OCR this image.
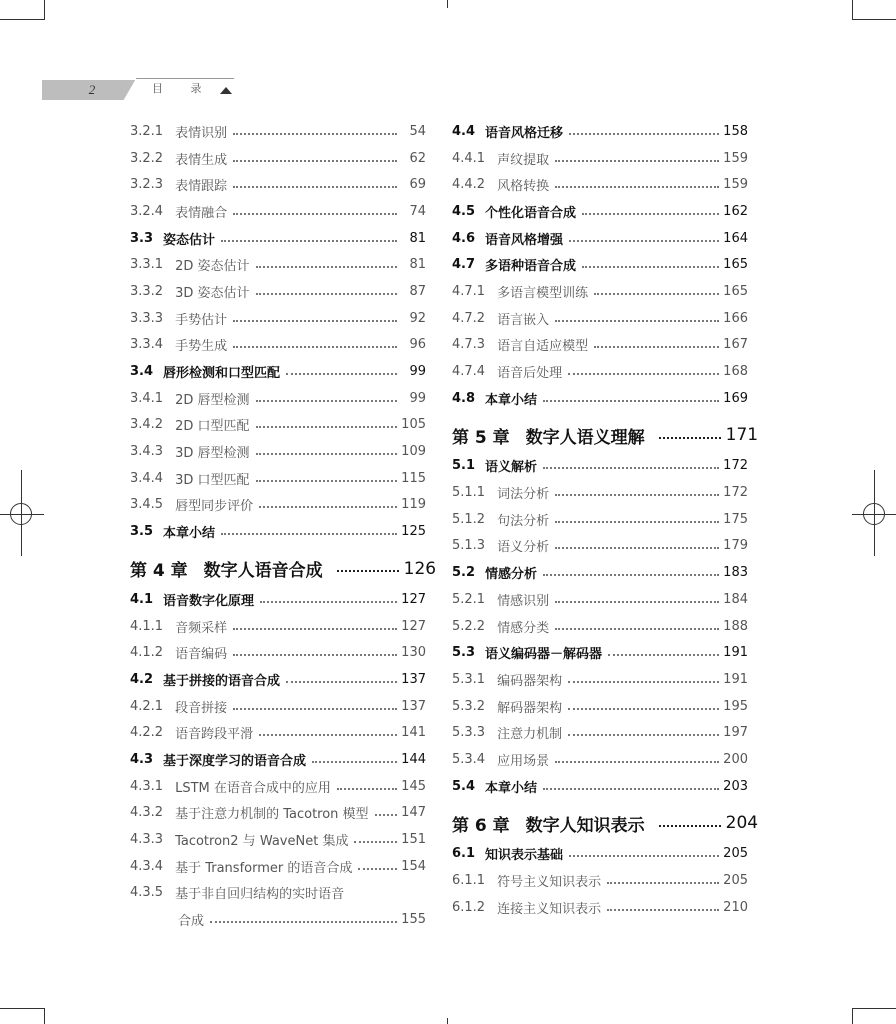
2	目 录
3.2.1 表情识别	54
3.2.2 表情生成	62
3.2.3 表情跟踪	69
3.2.4 表情融合	74
3.3 姿态估计	81
3.3.1 2D 姿态估计	81
3.3.2 3D 姿态估计	87
3.3.3 手势估计	92
3.3.4 手势生成	96
3.4 唇形检测和口型匹配	99
3.4.1 2D 唇型检测	99
3.4.2 2D 口型匹配	105
3.4.3 3D 唇型检测	109
3.4.4 3D 口型匹配	115
3.4.5 唇型同步评价	119
3.5 本章小结	125
第 4 章 数字人语音合成	126
4.1 语音数字化原理	127
4.1.1 音频采样	127
4.1.2 语音编码	130
4.2 基于拼接的语音合成	137
4.2.1 段音拼接	137
4.2.2 语音跨段平滑	141
4.3 基于深度学习的语音合成	144
4.3.1 LSTM 在语音合成中的应用	145
4.3.2 基于注意力机制的 Tacotron 模型	147
4.3.3 Tacotron2 与 WaveNet 集成	151
4.3.4 基于 Transformer 的语音合成	154
4.3.5 基于非自回归结构的实时语音
合成	155
4.4 语音风格迁移	158
4.4.1 声纹提取	159
4.4.2 风格转换	159
4.5 个性化语音合成	162
4.6 语音风格增强	164
4.7 多语种语音合成	165
4.7.1 多语言模型训练	165
4.7.2 语言嵌入	166
4.7.3 语言自适应模型	167
4.7.4 语音后处理	168
4.8 本章小结	169
第 5 章 数字人语义理解	171
5.1 语义解析	172
5.1.1 词法分析	172
5.1.2 句法分析	175
5.1.3 语义分析	179
5.2 情感分析	183
5.2.1 情感识别	184
5.2.2 情感分类	188
5.3 语义编码器－解码器	191
5.3.1 编码器架构	191
5.3.2 解码器架构	195
5.3.3 注意力机制	197
5.3.4 应用场景	200
5.4 本章小结	203
第 6 章 数字人知识表示	204
6.1 知识表示基础	205
6.1.1 符号主义知识表示	205
6.1.2 连接主义知识表示	210
